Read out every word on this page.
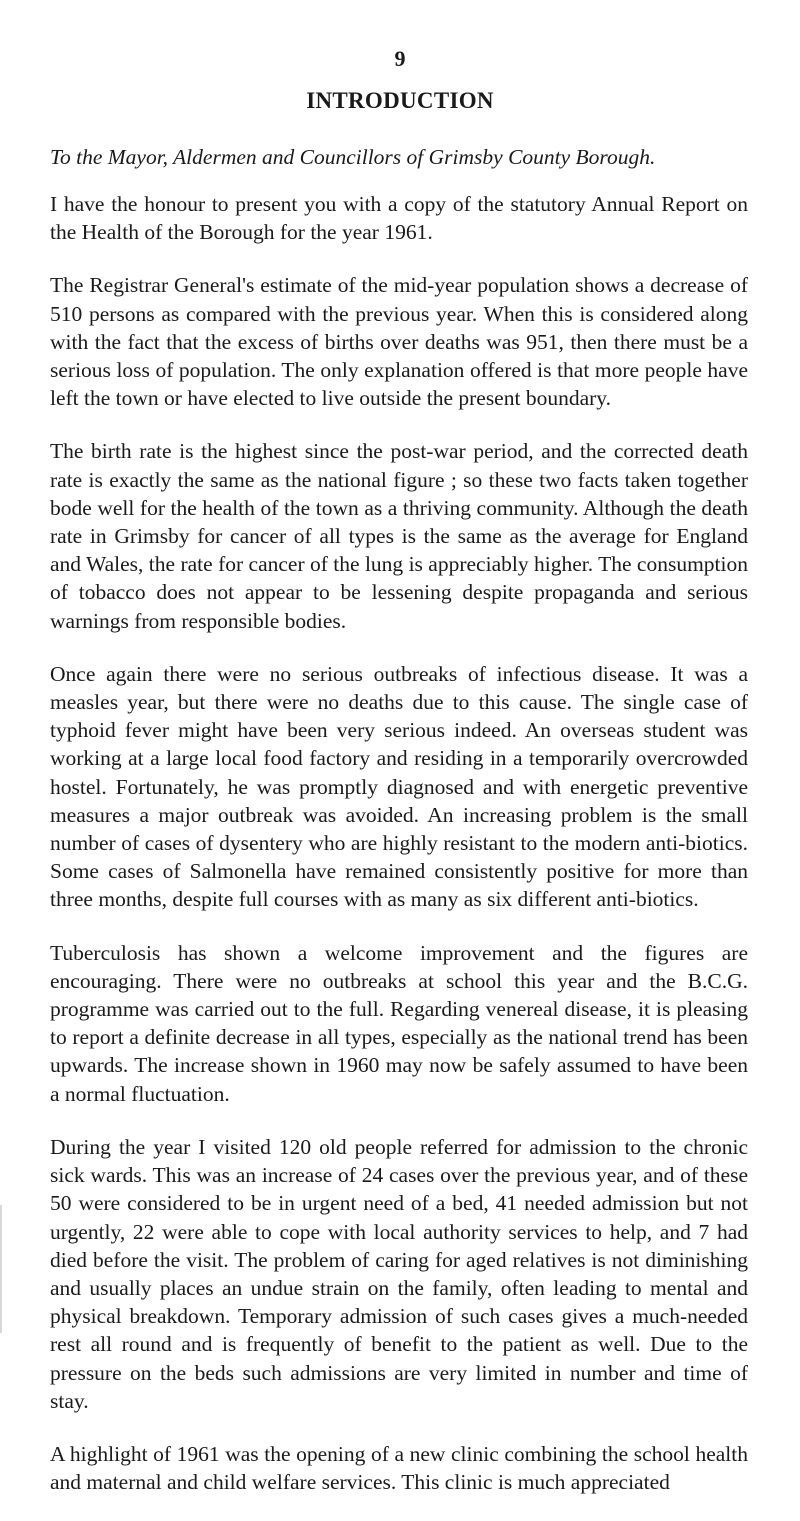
9
INTRODUCTION
To the Mayor, Aldermen and Councillors of Grimsby County Borough.

I have the honour to present you with a copy of the statutory Annual Report on the Health of the Borough for the year 1961.

The Registrar General's estimate of the mid-year population shows a decrease of 510 persons as compared with the previous year. When this is considered along with the fact that the excess of births over deaths was 951, then there must be a serious loss of population. The only explanation offered is that more people have left the town or have elected to live outside the present boundary.

The birth rate is the highest since the post-war period, and the corrected death rate is exactly the same as the national figure ; so these two facts taken together bode well for the health of the town as a thriving community. Although the death rate in Grimsby for cancer of all types is the same as the average for England and Wales, the rate for cancer of the lung is appreciably higher. The consumption of tobacco does not appear to be lessening despite propaganda and serious warnings from responsible bodies.

Once again there were no serious outbreaks of infectious disease. It was a measles year, but there were no deaths due to this cause. The single case of typhoid fever might have been very serious indeed. An overseas student was working at a large local food factory and residing in a temporarily overcrowded hostel. Fortunately, he was promptly diagnosed and with energetic preventive measures a major outbreak was avoided. An increasing problem is the small number of cases of dysentery who are highly resistant to the modern anti-biotics. Some cases of Salmonella have remained consistently positive for more than three months, despite full courses with as many as six different anti-biotics.

Tuberculosis has shown a welcome improvement and the figures are encouraging. There were no outbreaks at school this year and the B.C.G. programme was carried out to the full. Regarding venereal disease, it is pleasing to report a definite decrease in all types, especially as the national trend has been upwards. The increase shown in 1960 may now be safely assumed to have been a normal fluctuation.

During the year I visited 120 old people referred for admission to the chronic sick wards. This was an increase of 24 cases over the previous year, and of these 50 were considered to be in urgent need of a bed, 41 needed admission but not urgently, 22 were able to cope with local authority services to help, and 7 had died before the visit. The problem of caring for aged relatives is not diminishing and usually places an undue strain on the family, often leading to mental and physical breakdown. Temporary admission of such cases gives a much-needed rest all round and is frequently of benefit to the patient as well. Due to the pressure on the beds such admissions are very limited in number and time of stay.

A highlight of 1961 was the opening of a new clinic combining the school health and maternal and child welfare services. This clinic is much appreciated
